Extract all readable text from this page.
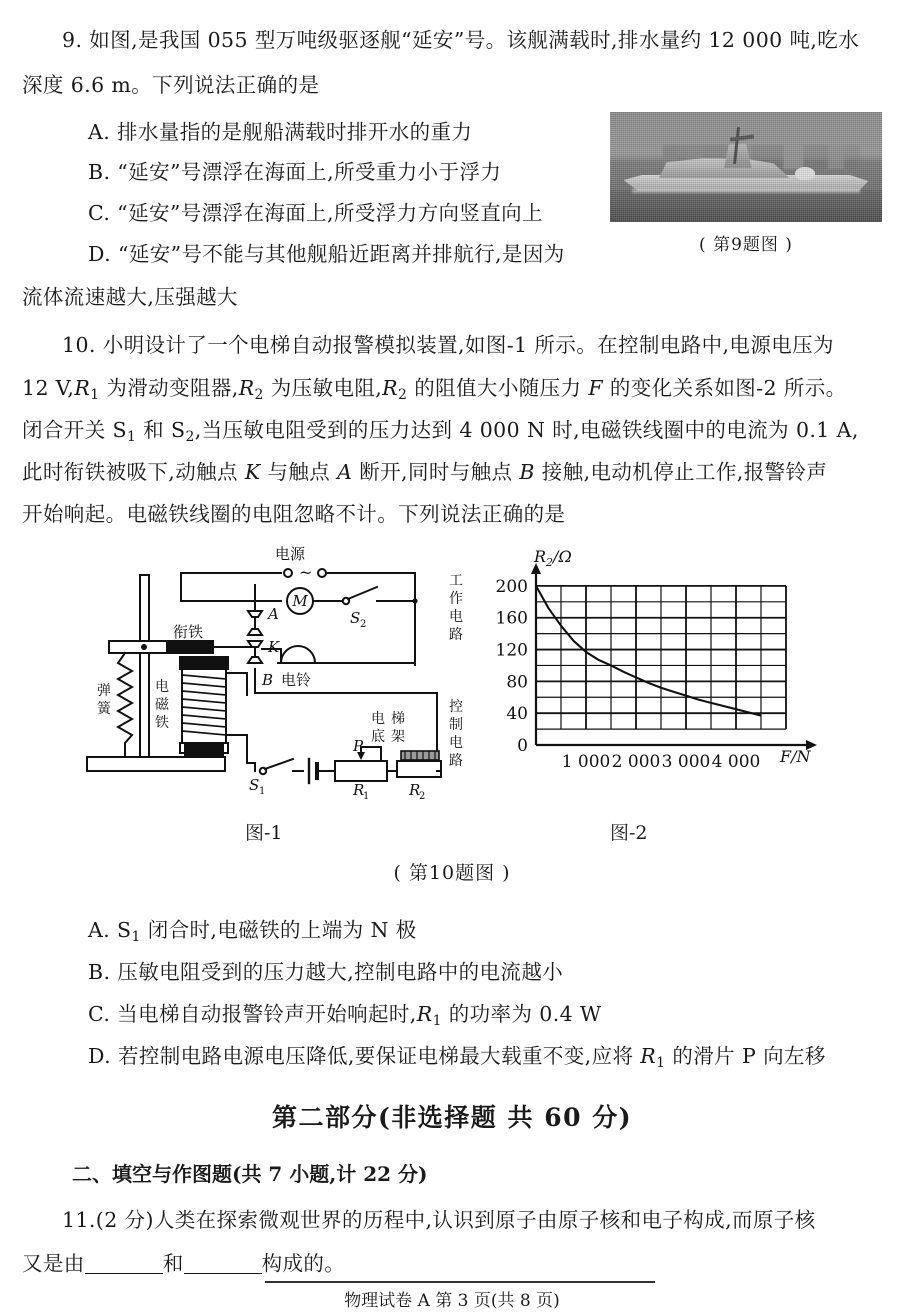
9. 如图,是我国 055 型万吨级驱逐舰“延安”号。该舰满载时,排水量约 12 000 吨,吃水
深度 6.6 m。下列说法正确的是
A. 排水量指的是舰船满载时排开水的重力
B. “延安”号漂浮在海面上,所受重力小于浮力
C. “延安”号漂浮在海面上,所受浮力方向竖直向上
D. “延安”号不能与其他舰船近距离并排航行,是因为
流体流速越大,压强越大
( 第9题图 )
10. 小明设计了一个电梯自动报警模拟装置,如图-1 所示。在控制电路中,电源电压为
12 $V,R_1$ 为滑动变阻器$,R_2$ 为压敏电阻$,R_2$ 的阻值大小随压力 F 的变化关系如图-2 所示。
闭合开关 $S_1$ 和 $S_2$,当压敏电阻受到的压力达到 4 000 N 时,电磁铁线圈中的电流为 0.1 A,
此时衔铁被吸下,动触点 K 与触点 A 断开,同时与触点 B 接触,电动机停止工作,报警铃声
开始响起。电磁铁线圈的电阻忽略不计。下列说法正确的是
电源
~
M
S 2
电铃
衔铁
A
K
B
S 1
P
R
1	R
2
弹
簧
电
磁
铁
工
作
电
路
控
制
电
路
电 梯
底 架	0
40
80
120
160
200
1 000 2 000 3 000 4 000
$R_2/\Omega$
F/N
图-1	图-2
( 第10题图 )
A. $S_1$ 闭合时,电磁铁的上端为 N 极
B. 压敏电阻受到的压力越大,控制电路中的电流越小
C. 当电梯自动报警铃声开始响起时$,R_1$ 的功率为 0.4 W
D. 若控制电路电源电压降低,要保证电梯最大载重不变,应将 $R_1$ 的滑片 P 向左移
第二部分(非选择题 共 60 分)
二、填空与作图题(共 7 小题,计 22 分)
11.(2 分)人类在探索微观世界的历程中,认识到原子由原子核和电子构成,而原子核
又是由	和	构成的。
物理试卷 A 第 3 页(共 8 页)
